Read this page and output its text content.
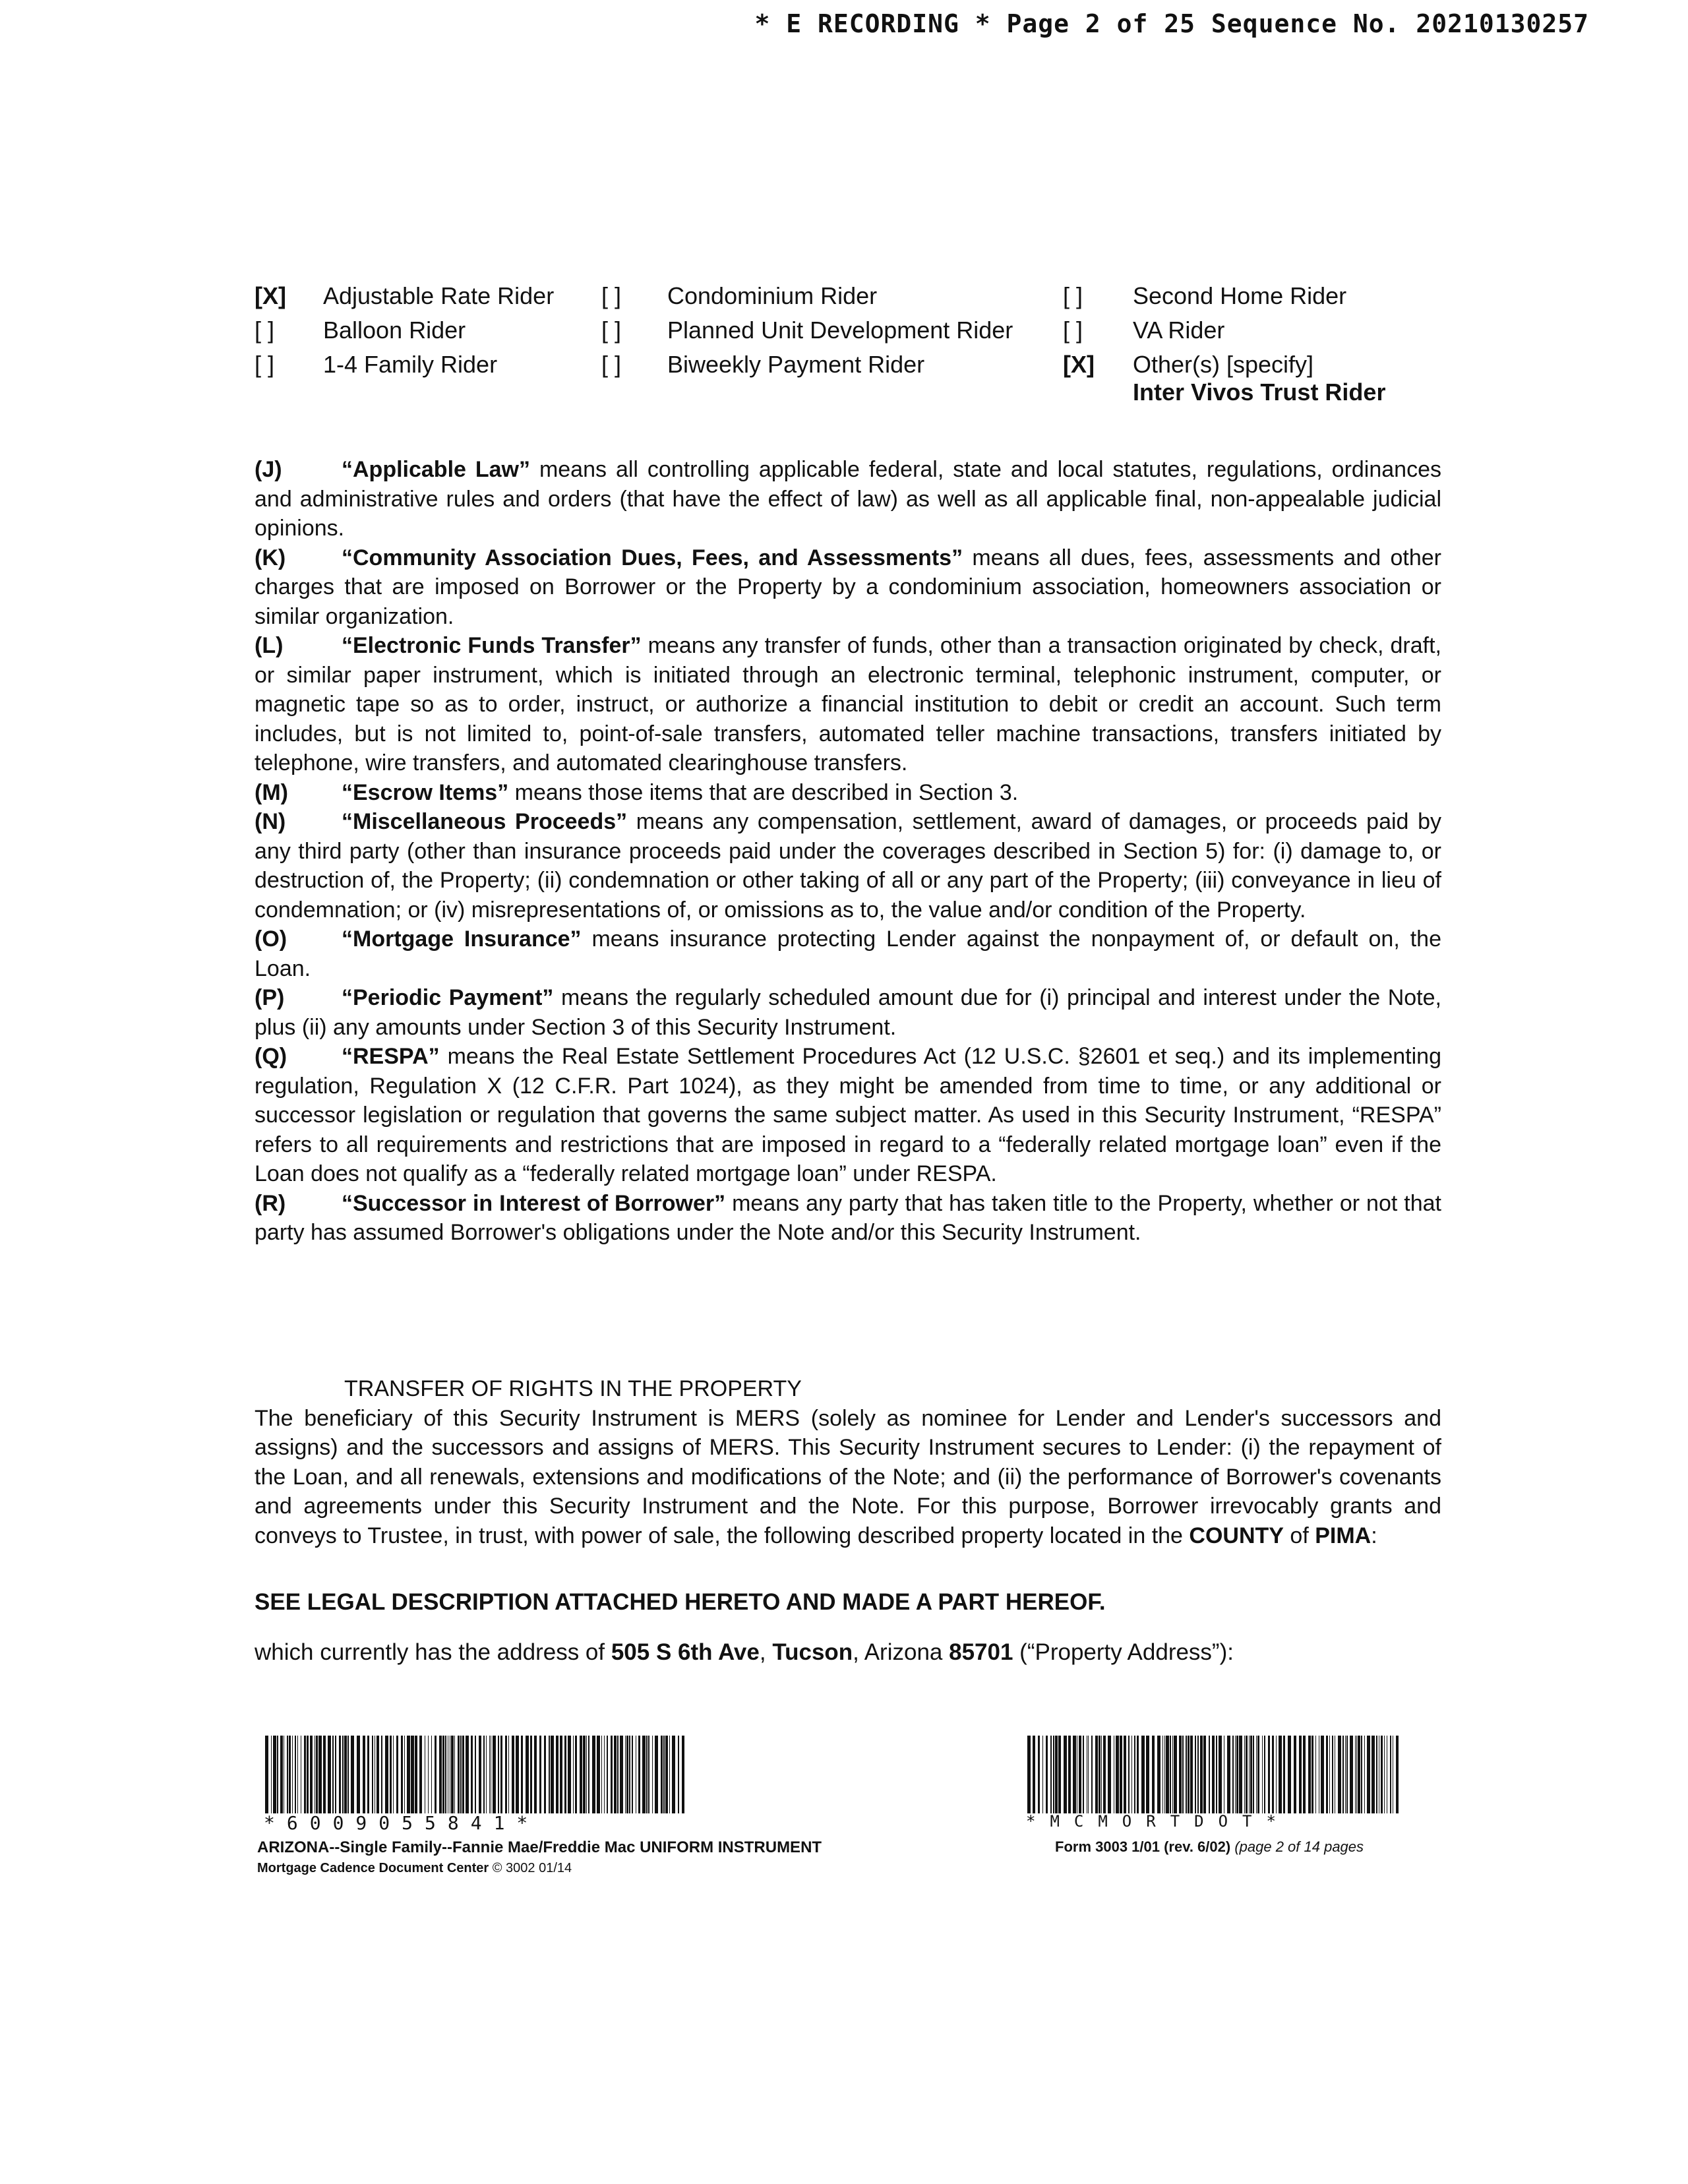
* E RECORDING * Page 2 of 25 Sequence No. 20210130257
[X] Adjustable Rate Rider [ ] Condominium Rider	[ ] Second Home Rider
[ ] Balloon Rider	[ ] Planned Unit Development Rider [ ] VA Rider
[ ] 1-4 Family Rider	[ ] Biweekly Payment Rider	[X] Other(s) [specify]
Inter Vivos Trust Rider

(J)	“Applicable Law” means all controlling applicable federal, state and local statutes, regulations, ordinances and administrative rules and orders (that have the effect of law) as well as all applicable final, non-appealable judicial opinions.

(K) “Community Association Dues, Fees, and Assessments” means all dues, fees, assessments and other charges that are imposed on Borrower or the Property by a condominium association, homeowners association or similar organization.

(L)	“Electronic Funds Transfer” means any transfer of funds, other than a transaction originated by check, draft, or similar paper instrument, which is initiated through an electronic terminal, telephonic instrument, computer, or magnetic tape so as to order, instruct, or authorize a financial institution to debit or credit an account. Such term includes, but is not limited to, point-of-sale transfers, automated teller machine transactions, transfers initiated by telephone, wire transfers, and automated clearinghouse transfers.

(M) “Escrow Items” means those items that are described in Section 3.

(N) “Miscellaneous Proceeds” means any compensation, settlement, award of damages, or proceeds paid by any third party (other than insurance proceeds paid under the coverages described in Section 5) for: (i) damage to, or destruction of, the Property; (ii) condemnation or other taking of all or any part of the Property; (iii) conveyance in lieu of condemnation; or (iv) misrepresentations of, or omissions as to, the value and/or condition of the Property.

(O) “Mortgage Insurance” means insurance protecting Lender against the nonpayment of, or default on, the Loan.

(P)	“Periodic Payment” means the regularly scheduled amount due for (i) principal and interest under the Note, plus (ii) any amounts under Section 3 of this Security Instrument.

(Q) “RESPA” means the Real Estate Settlement Procedures Act (12 U.S.C. §2601 et seq.) and its implementing regulation, Regulation X (12 C.F.R. Part 1024), as they might be amended from time to time, or any additional or successor legislation or regulation that governs the same subject matter. As used in this Security Instrument, “RESPA” refers to all requirements and restrictions that are imposed in regard to a “federally related mortgage loan” even if the Loan does not qualify as a “federally related mortgage loan” under RESPA.

(R) “Successor in Interest of Borrower” means any party that has taken title to the Property, whether or not that party has assumed Borrower's obligations under the Note and/or this Security Instrument.

TRANSFER OF RIGHTS IN THE PROPERTY

The beneficiary of this Security Instrument is MERS (solely as nominee for Lender and Lender's successors and assigns) and the successors and assigns of MERS. This Security Instrument secures to Lender: (i) the repayment of the Loan, and all renewals, extensions and modifications of the Note; and (ii) the performance of Borrower's covenants and agreements under this Security Instrument and the Note. For this purpose, Borrower irrevocably grants and conveys to Trustee, in trust, with power of sale, the following described property located in the COUNTY of PIMA:

SEE LEGAL DESCRIPTION ATTACHED HERETO AND MADE A PART HEREOF.
which currently has the address of 505 S 6th Ave, Tucson, Arizona 85701 (“Property Address”):
*6009055841*	*MCMORTDOT*
ARIZONA--Single Family--Fannie Mae/Freddie Mac UNIFORM INSTRUMENT
Mortgage Cadence Document Center © 3002 01/14
Form 3003 1/01 (rev. 6/02) (page 2 of 14 pages
